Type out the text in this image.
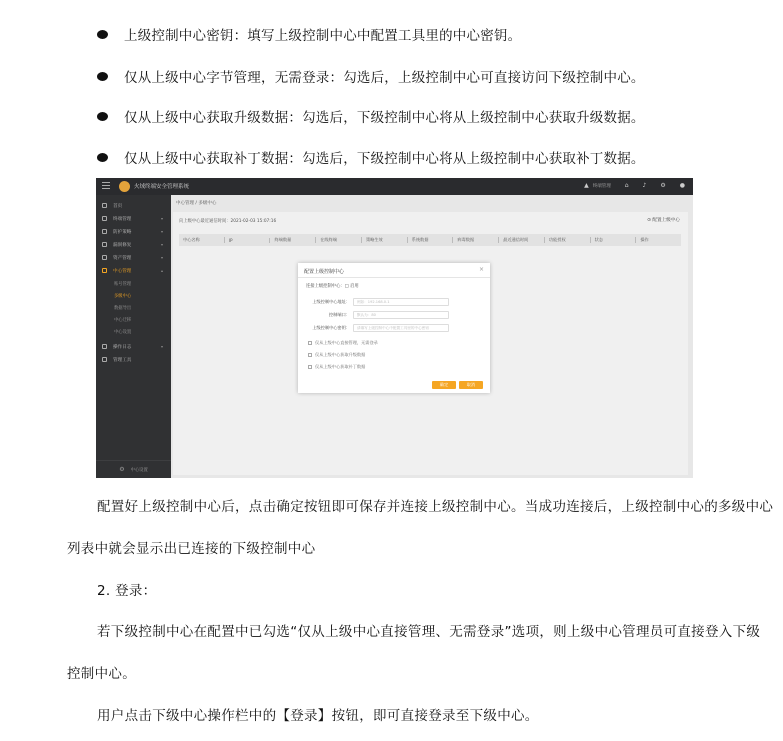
上级控制中心密钥：填写上级控制中心中配置工具里的中心密钥。
仅从上级中心字节管理，无需登录：勾选后，上级控制中心可直接访问下级控制中心。
仅从上级中心获取升级数据：勾选后，下级控制中心将从上级控制中心获取升级数据。
仅从上级中心获取补丁数据：勾选后，下级控制中心将从上级控制中心获取补丁数据。
火绒终端安全管理系统	▲ 终端管理 ⌂ ♪ ⚙ ●
首页
终端管理	▾
防护策略	▾
漏洞修复	▾
资产管理	▾
中心管理	▴
账号管理
多级中心
数据导出
中心迁移
中心设置
操作日志	▾
管理工具
⚙ 中心设置
中心管理 / 多级中心
向上级中心最近通信时间：2021-02-03 15:07:16	⊙ 配置上级中心
中心名称	IP	终端数量	在线终端	策略生效	系统数据	病毒数据	最近通信时间	功能授权	状态	操作
配置上级控制中心	×
连接上级控制中心：□ 启用
上级控制中心地址：	例如：192.168.0.1
控制端口：	默认为：80
上级控制中心密钥：	请填写上级控制中心中配置工具里的中心密钥
仅从上级中心直接管理，无需登录
仅从上级中心获取升级数据
仅从上级中心获取补丁数据
确定	取消
配置好上级控制中心后，点击确定按钮即可保存并连接上级控制中心。当成功连接后，上级控制中心的多级中心
列表中就会显示出已连接的下级控制中心
2. 登录：
若下级控制中心在配置中已勾选“仅从上级中心直接管理、无需登录”选项，则上级中心管理员可直接登入下级
控制中心。
用户点击下级中心操作栏中的【登录】按钮，即可直接登录至下级中心。
